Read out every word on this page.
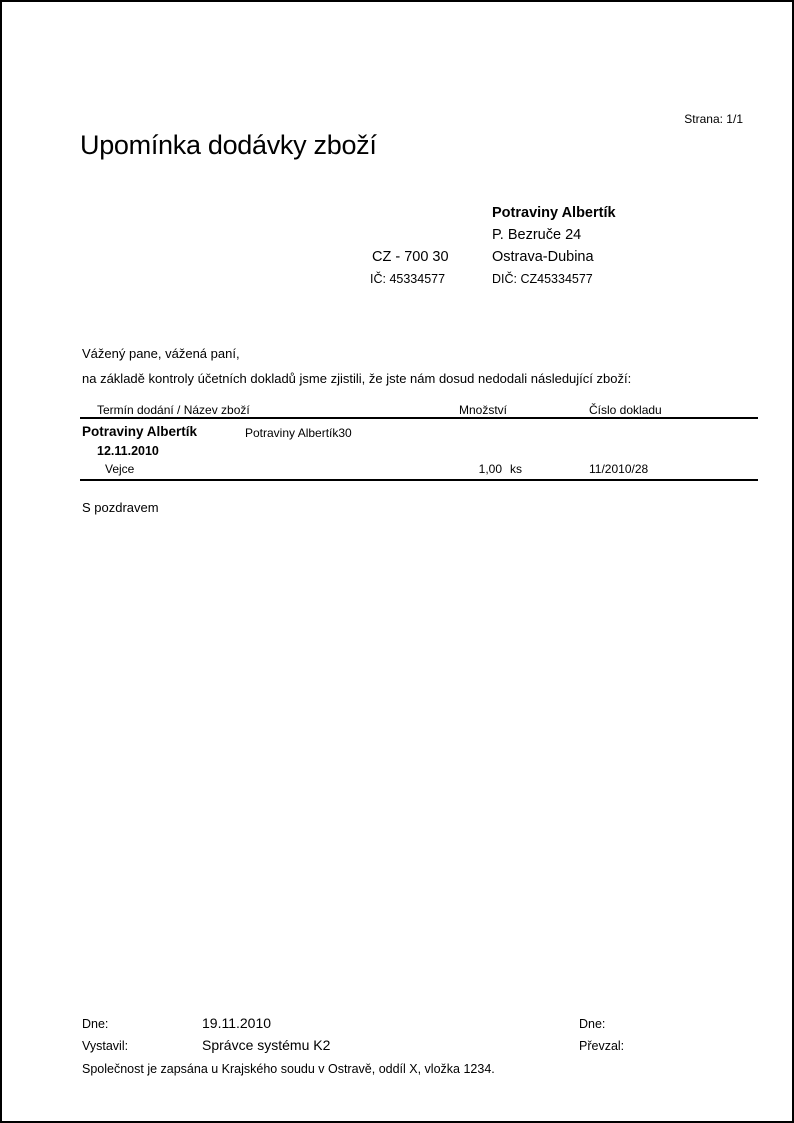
Strana: 1/1
Upomínka dodávky zboží
Potraviny Albertík
P. Bezruče 24
CZ - 700 30	Ostrava-Dubina
IČ: 45334577	DIČ: CZ45334577
Vážený pane, vážená paní,
na základě kontroly účetních dokladů jsme zjistili, že jste nám dosud nedodali následující zboží:
Termín dodání / Název zboží	Množství	Číslo dokladu
Potraviny Albertík	Potraviny Albertík30
12.11.2010
Vejce	1,00 ks	11/2010/28
S pozdravem
Dne:	19.11.2010
Vystavil:	Správce systému K2
Dne:
Převzal:
Společnost je zapsána u Krajského soudu v Ostravě, oddíl X, vložka 1234.
